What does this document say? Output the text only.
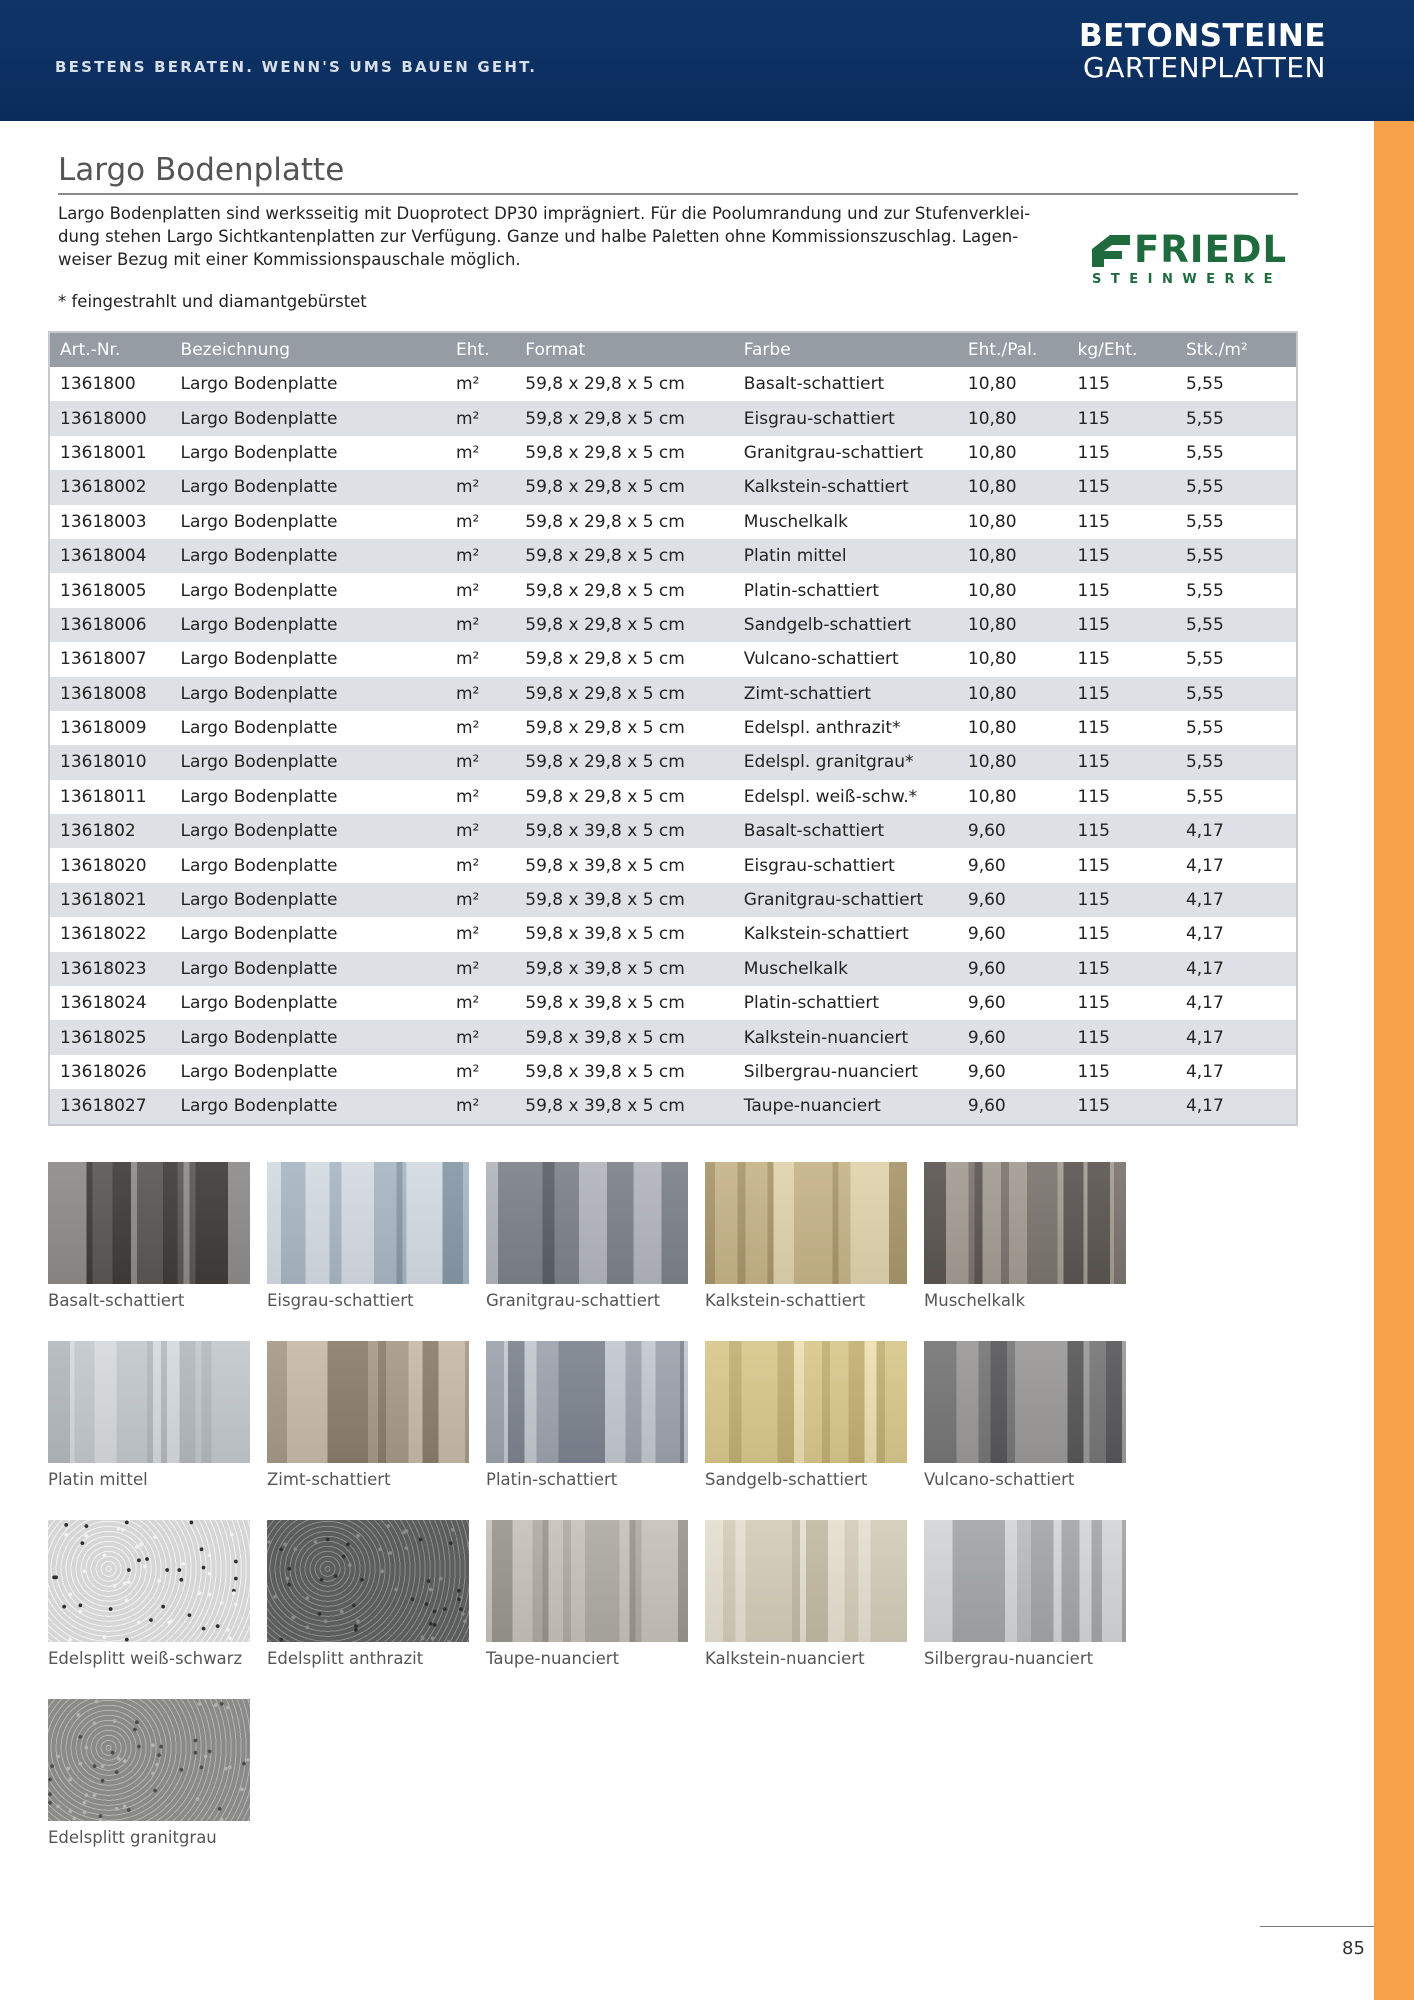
BESTENS BERATEN. WENN'S UMS BAUEN GEHT.
BETONSTEINE
GARTENPLATTEN
Largo Bodenplatte
Largo Bodenplatten sind werksseitig mit Duoprotect DP30 imprägniert. Für die Poolumrandung und zur Stufenverklei-dung stehen Largo Sichtkantenplatten zur Verfügung. Ganze und halbe Paletten ohne Kommissionszuschlag. Lagen-weiser Bezug mit einer Kommissionspauschale möglich.
* feingestrahlt und diamantgebürstet
FRIEDL
STEINWERKE
Art.-Nr.	Bezeichnung	Eht.	Format	Farbe	Eht./Pal.	kg/Eht.	Stk./m²
1361800	Largo Bodenplatte	m²	59,8 x 29,8 x 5 cm	Basalt-schattiert	10,80	115	5,55
13618000	Largo Bodenplatte	m²	59,8 x 29,8 x 5 cm	Eisgrau-schattiert	10,80	115	5,55
13618001	Largo Bodenplatte	m²	59,8 x 29,8 x 5 cm	Granitgrau-schattiert	10,80	115	5,55
13618002	Largo Bodenplatte	m²	59,8 x 29,8 x 5 cm	Kalkstein-schattiert	10,80	115	5,55
13618003	Largo Bodenplatte	m²	59,8 x 29,8 x 5 cm	Muschelkalk	10,80	115	5,55
13618004	Largo Bodenplatte	m²	59,8 x 29,8 x 5 cm	Platin mittel	10,80	115	5,55
13618005	Largo Bodenplatte	m²	59,8 x 29,8 x 5 cm	Platin-schattiert	10,80	115	5,55
13618006	Largo Bodenplatte	m²	59,8 x 29,8 x 5 cm	Sandgelb-schattiert	10,80	115	5,55
13618007	Largo Bodenplatte	m²	59,8 x 29,8 x 5 cm	Vulcano-schattiert	10,80	115	5,55
13618008	Largo Bodenplatte	m²	59,8 x 29,8 x 5 cm	Zimt-schattiert	10,80	115	5,55
13618009	Largo Bodenplatte	m²	59,8 x 29,8 x 5 cm	Edelspl. anthrazit*	10,80	115	5,55
13618010	Largo Bodenplatte	m²	59,8 x 29,8 x 5 cm	Edelspl. granitgrau*	10,80	115	5,55
13618011	Largo Bodenplatte	m²	59,8 x 29,8 x 5 cm	Edelspl. weiß-schw.*	10,80	115	5,55
1361802	Largo Bodenplatte	m²	59,8 x 39,8 x 5 cm	Basalt-schattiert	9,60	115	4,17
13618020	Largo Bodenplatte	m²	59,8 x 39,8 x 5 cm	Eisgrau-schattiert	9,60	115	4,17
13618021	Largo Bodenplatte	m²	59,8 x 39,8 x 5 cm	Granitgrau-schattiert	9,60	115	4,17
13618022	Largo Bodenplatte	m²	59,8 x 39,8 x 5 cm	Kalkstein-schattiert	9,60	115	4,17
13618023	Largo Bodenplatte	m²	59,8 x 39,8 x 5 cm	Muschelkalk	9,60	115	4,17
13618024	Largo Bodenplatte	m²	59,8 x 39,8 x 5 cm	Platin-schattiert	9,60	115	4,17
13618025	Largo Bodenplatte	m²	59,8 x 39,8 x 5 cm	Kalkstein-nuanciert	9,60	115	4,17
13618026	Largo Bodenplatte	m²	59,8 x 39,8 x 5 cm	Silbergrau-nuanciert	9,60	115	4,17
13618027	Largo Bodenplatte	m²	59,8 x 39,8 x 5 cm	Taupe-nuanciert	9,60	115	4,17
Basalt-schattiert	Eisgrau-schattiert	Granitgrau-schattiert	Kalkstein-schattiert	Muschelkalk
Platin mittel	Zimt-schattiert	Platin-schattiert	Sandgelb-schattiert	Vulcano-schattiert
Edelsplitt weiß-schwarz	Edelsplitt anthrazit	Taupe-nuanciert	Kalkstein-nuanciert	Silbergrau-nuanciert
Edelsplitt granitgrau
85
